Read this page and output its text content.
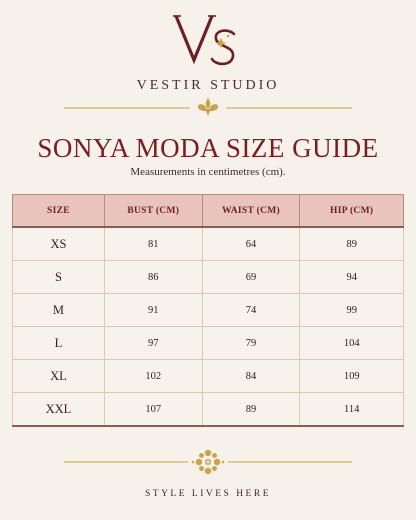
VESTIR STUDIO
SONYA MODA SIZE GUIDE
Measurements in centimetres (cm).
SIZE	BUST (CM)	WAIST (CM)	HIP (CM)
XS	81	64	89
S	86	69	94
M	91	74	99
L	97	79	104
XL	102	84	109
XXL	107	89	114
STYLE LIVES HERE
